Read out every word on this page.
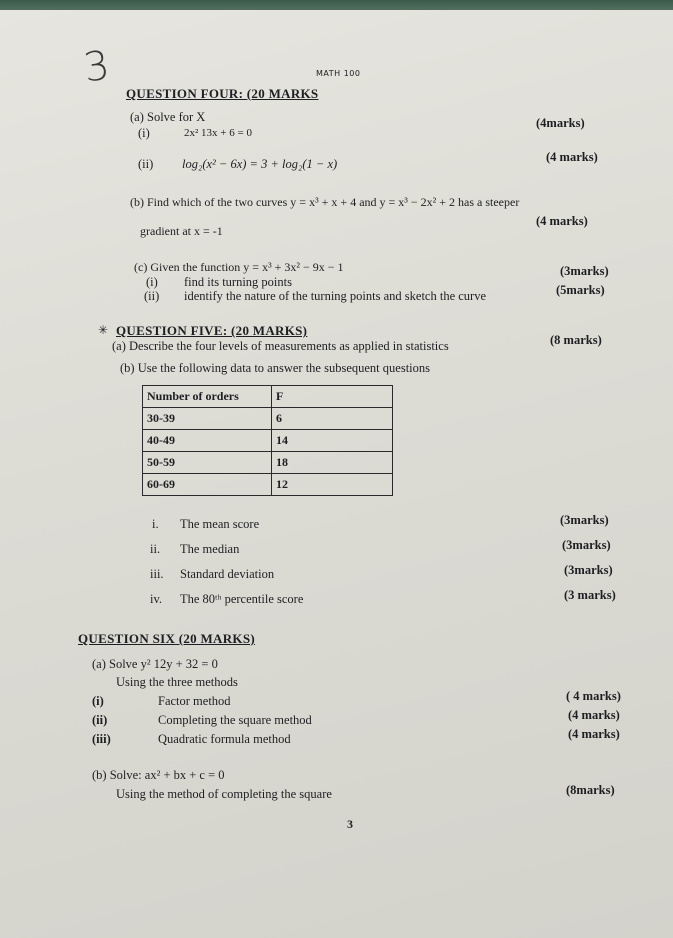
3	MATH 100
QUESTION FOUR: (20 MARKS
(a) Solve for X
(i)	2x² 13x + 6 = 0
(4marks)
(ii) log₂(x² − 6x) = 3 + log₂(1 − x)	(4 marks)
(b) Find which of the two curves y = x³ + x + 4 and y = x³ − 2x² + 2 has a steeper
gradient at x = -1
(4 marks)
(c) Given the function y = x³ + 3x² − 9x − 1
(i) find its turning points
(3marks)
(ii) identify the nature of the turning points and sketch the curve	(5marks)
✳ QUESTION FIVE: (20 MARKS)
(a) Describe the four levels of measurements as applied in statistics	(8 marks)
(b) Use the following data to answer the subsequent questions
Number of orders	F
30-39	6
40-49	14
50-59	18
60-69	12
i. The mean score	(3marks)
ii. The median	(3marks)
iii. Standard deviation	(3marks)
iv. The 80ᵗʰ percentile score	(3 marks)
QUESTION SIX (20 MARKS)
(a) Solve y² 12y + 32 = 0
Using the three methods
(i)	Factor method	( 4 marks)
(ii)	Completing the square method	(4 marks)
(iii)	Quadratic formula method	(4 marks)
(b) Solve: ax² + bx + c = 0
Using the method of completing the square	(8marks)
3
